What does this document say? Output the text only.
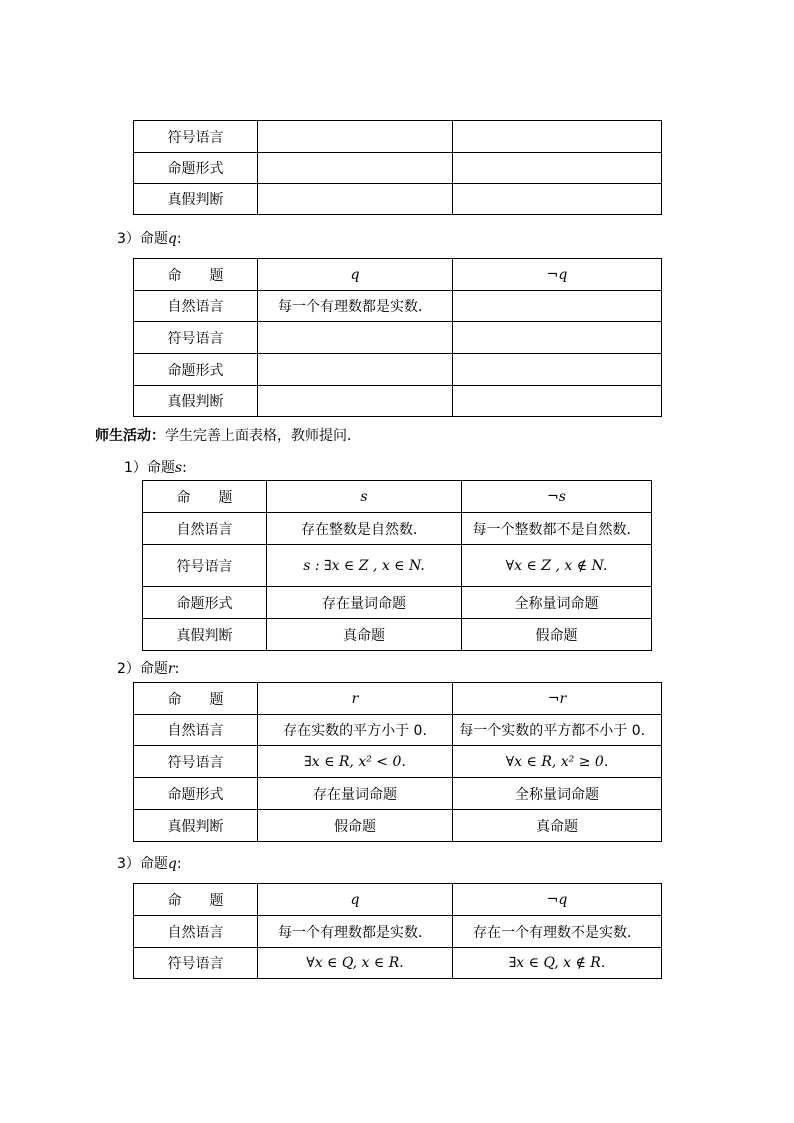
符号语言		
命题形式		
真假判断		
3）命题q:
命　　题	q	¬q
自然语言	每一个有理数都是实数．	
符号语言		
命题形式		
真假判断		
师生活动：学生完善上面表格，教师提问．
1）命题s:
命　　题	s	¬s
自然语言	存在整数是自然数．	每一个整数都不是自然数．
符号语言	s : ∃x ∈ Z , x ∈ N.	∀x ∈ Z , x ∉ N.
命题形式	存在量词命题	全称量词命题
真假判断	真命题	假命题
2）命题r:
命　　题	r	¬r
自然语言	存在实数的平方小于 0.	每一个实数的平方都不小于 0．
符号语言	∃x ∈ R, x² < 0.	∀x ∈ R, x² ≥ 0.
命题形式	存在量词命题	全称量词命题
真假判断	假命题	真命题
3）命题q:
命　　题	q	¬q
自然语言	每一个有理数都是实数．	存在一个有理数不是实数．
符号语言	∀x ∈ Q, x ∈ R.	∃x ∈ Q, x ∉ R.
